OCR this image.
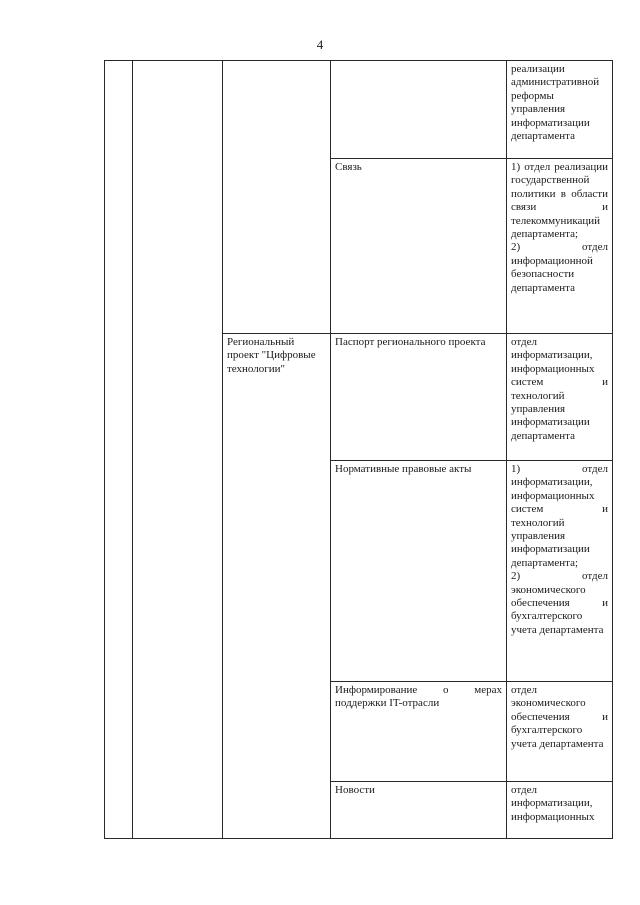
4

				реализации административной реформы управления информатизации департамента

			Связь	1) отдел реализации государственной политики в области связи и телекоммуникаций департамента;
2) отдел информационной безопасности департамента

		Региональный проект "Цифровые технологии"	Паспорт регионального проекта	отдел информатизации, информационных систем и технологий управления информатизации департамента

			Нормативные правовые акты	1) отдел информатизации, информационных систем и технологий управления информатизации департамента;
2) отдел экономического обеспечения и бухгалтерского учета департамента

			Информирование о мерах поддержки IT-отрасли	отдел экономического обеспечения и бухгалтерского учета департамента

			Новости	отдел информатизации, информационных
